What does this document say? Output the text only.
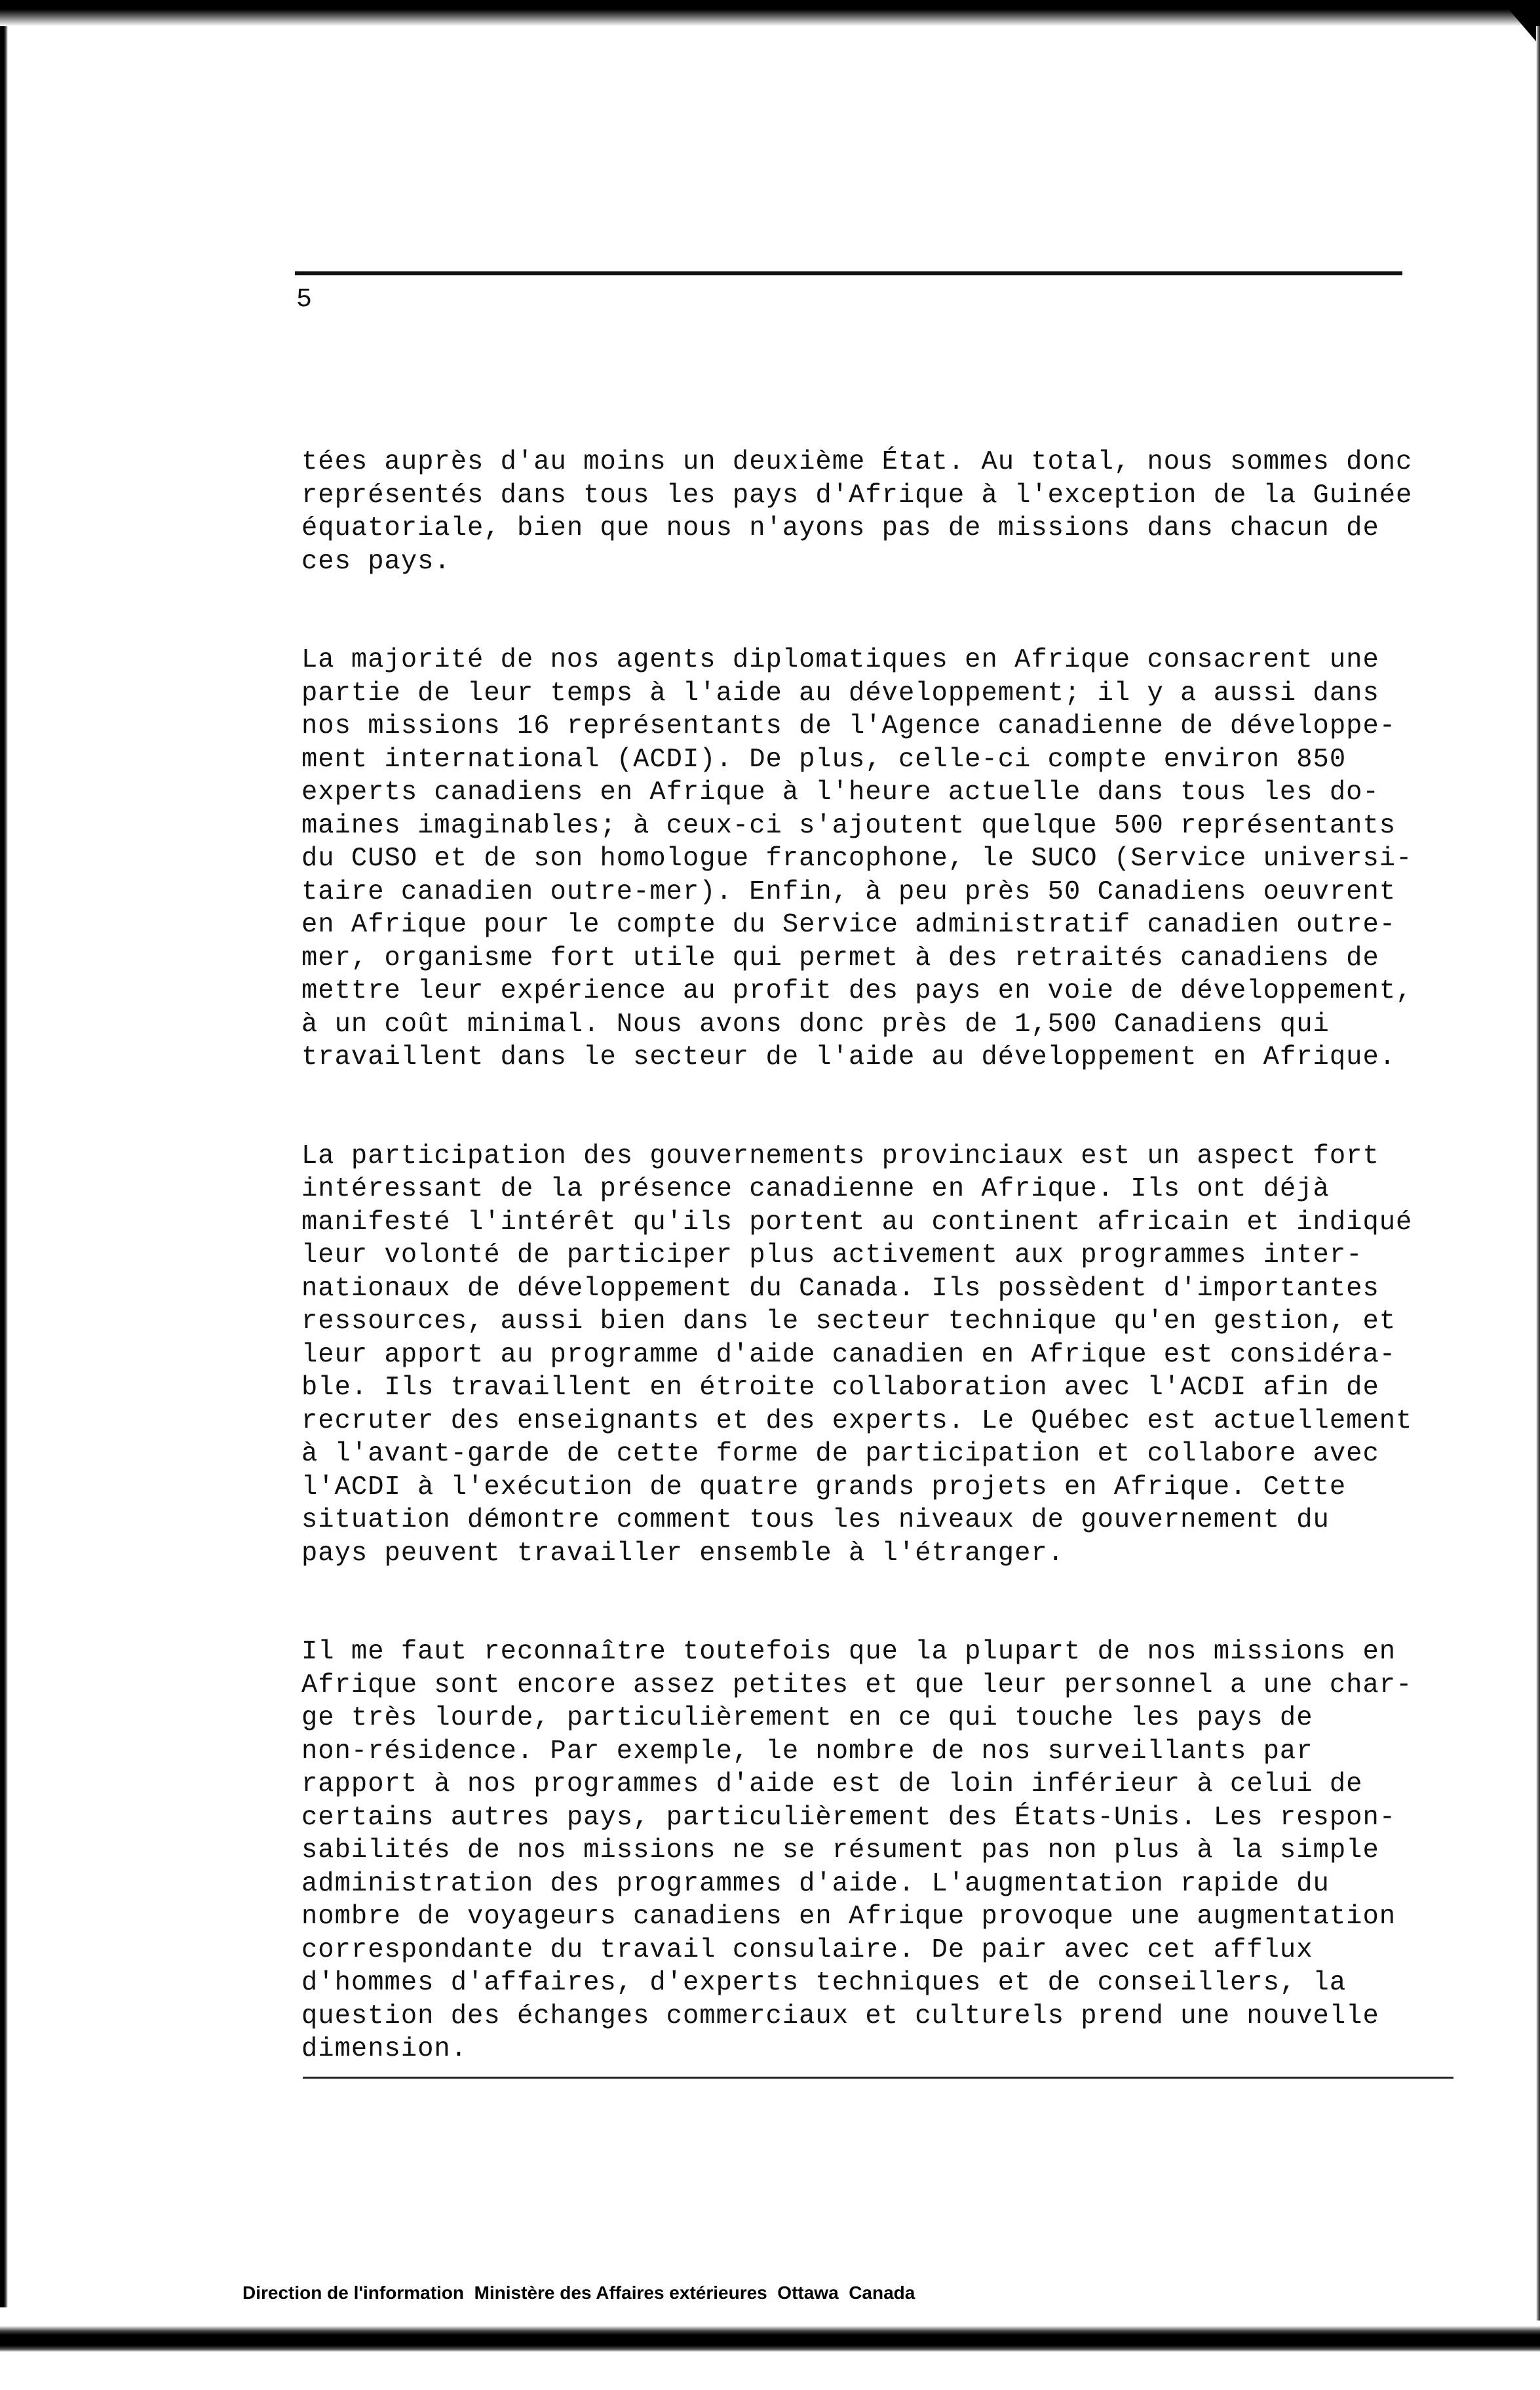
5

tées auprès d'au moins un deuxième État. Au total, nous sommes donc
représentés dans tous les pays d'Afrique à l'exception de la Guinée
équatoriale, bien que nous n'ayons pas de missions dans chacun de
ces pays.

La majorité de nos agents diplomatiques en Afrique consacrent une
partie de leur temps à l'aide au développement; il y a aussi dans
nos missions 16 représentants de l'Agence canadienne de développe-
ment international (ACDI). De plus, celle-ci compte environ 850
experts canadiens en Afrique à l'heure actuelle dans tous les do-
maines imaginables; à ceux-ci s'ajoutent quelque 500 représentants
du CUSO et de son homologue francophone, le SUCO (Service universi-
taire canadien outre-mer). Enfin, à peu près 50 Canadiens oeuvrent
en Afrique pour le compte du Service administratif canadien outre-
mer, organisme fort utile qui permet à des retraités canadiens de
mettre leur expérience au profit des pays en voie de développement,
à un coût minimal. Nous avons donc près de 1,500 Canadiens qui
travaillent dans le secteur de l'aide au développement en Afrique.

La participation des gouvernements provinciaux est un aspect fort
intéressant de la présence canadienne en Afrique. Ils ont déjà
manifesté l'intérêt qu'ils portent au continent africain et indiqué
leur volonté de participer plus activement aux programmes inter-
nationaux de développement du Canada. Ils possèdent d'importantes
ressources, aussi bien dans le secteur technique qu'en gestion, et
leur apport au programme d'aide canadien en Afrique est considéra-
ble. Ils travaillent en étroite collaboration avec l'ACDI afin de
recruter des enseignants et des experts. Le Québec est actuellement
à l'avant-garde de cette forme de participation et collabore avec
l'ACDI à l'exécution de quatre grands projets en Afrique. Cette
situation démontre comment tous les niveaux de gouvernement du
pays peuvent travailler ensemble à l'étranger.

Il me faut reconnaître toutefois que la plupart de nos missions en
Afrique sont encore assez petites et que leur personnel a une char-
ge très lourde, particulièrement en ce qui touche les pays de
non-résidence. Par exemple, le nombre de nos surveillants par
rapport à nos programmes d'aide est de loin inférieur à celui de
certains autres pays, particulièrement des États-Unis. Les respon-
sabilités de nos missions ne se résument pas non plus à la simple
administration des programmes d'aide. L'augmentation rapide du
nombre de voyageurs canadiens en Afrique provoque une augmentation
correspondante du travail consulaire. De pair avec cet afflux
d'hommes d'affaires, d'experts techniques et de conseillers, la
question des échanges commerciaux et culturels prend une nouvelle
dimension.

Direction de l'information  Ministère des Affaires extérieures  Ottawa  Canada
